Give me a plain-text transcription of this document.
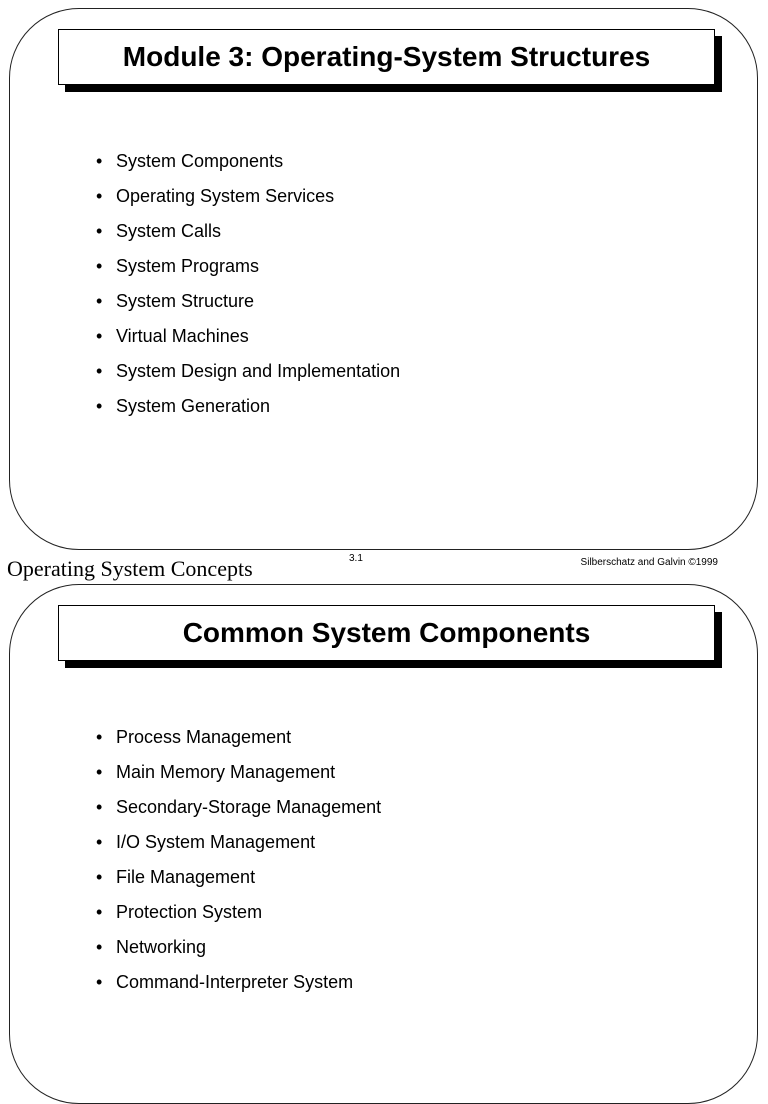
Module 3: Operating-System Structures
• System Components
• Operating System Services
• System Calls
• System Programs
• System Structure
• Virtual Machines
• System Design and Implementation
• System Generation
Operating System Concepts	3.1	Silberschatz and Galvin ©1999
Common System Components
• Process Management
• Main Memory Management
• Secondary-Storage Management
• I/O System Management
• File Management
• Protection System
• Networking
• Command-Interpreter System
